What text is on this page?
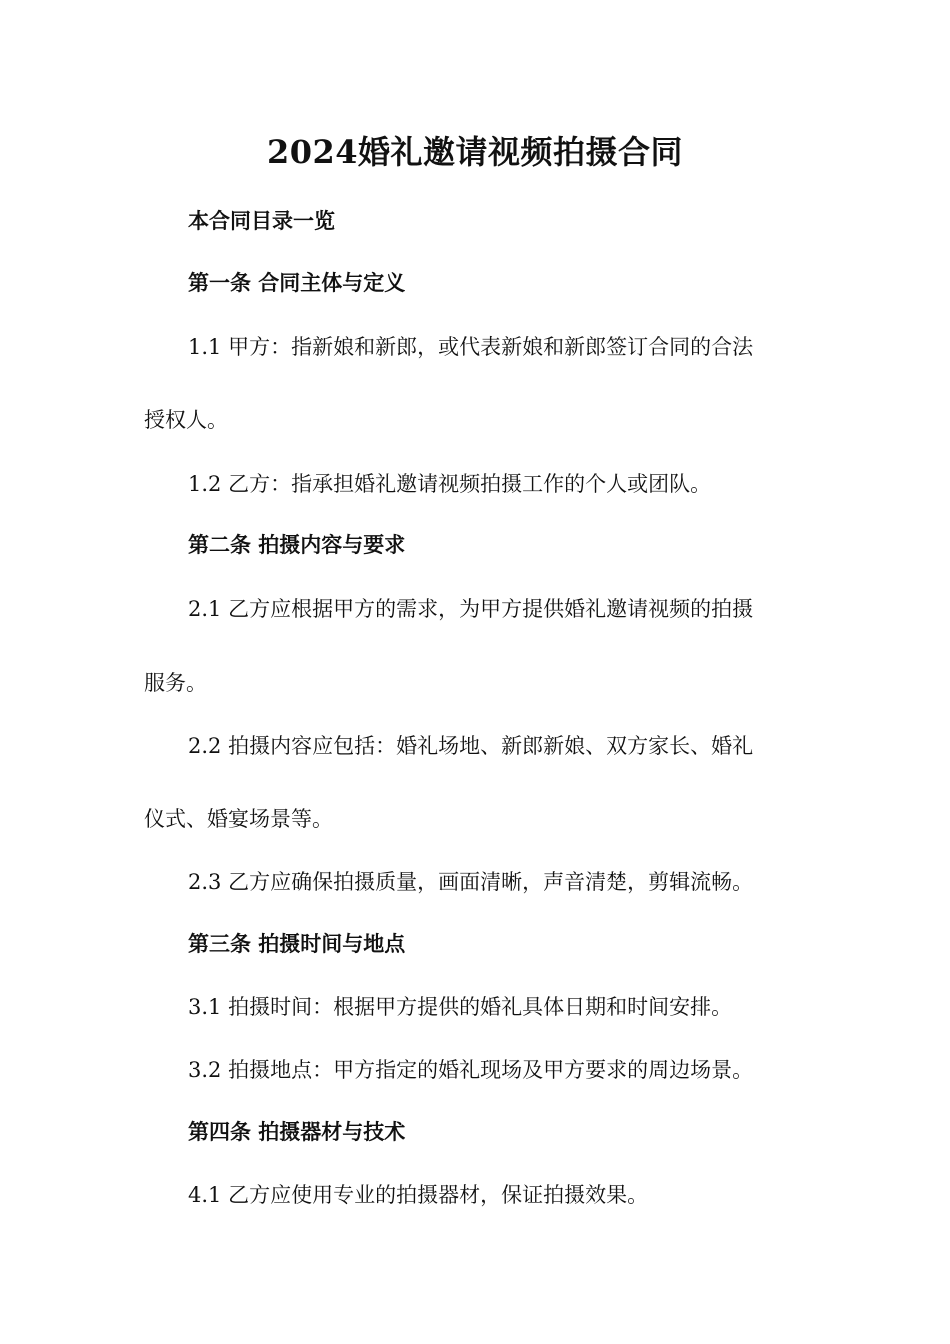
2024婚礼邀请视频拍摄合同

本合同目录一览

第一条 合同主体与定义

1.1 甲方：指新娘和新郎，或代表新娘和新郎签订合同的合法

授权人。

1.2 乙方：指承担婚礼邀请视频拍摄工作的个人或团队。

第二条 拍摄内容与要求

2.1 乙方应根据甲方的需求，为甲方提供婚礼邀请视频的拍摄

服务。

2.2 拍摄内容应包括：婚礼场地、新郎新娘、双方家长、婚礼

仪式、婚宴场景等。

2.3 乙方应确保拍摄质量，画面清晰，声音清楚，剪辑流畅。

第三条 拍摄时间与地点

3.1 拍摄时间：根据甲方提供的婚礼具体日期和时间安排。

3.2 拍摄地点：甲方指定的婚礼现场及甲方要求的周边场景。

第四条 拍摄器材与技术

4.1 乙方应使用专业的拍摄器材，保证拍摄效果。
